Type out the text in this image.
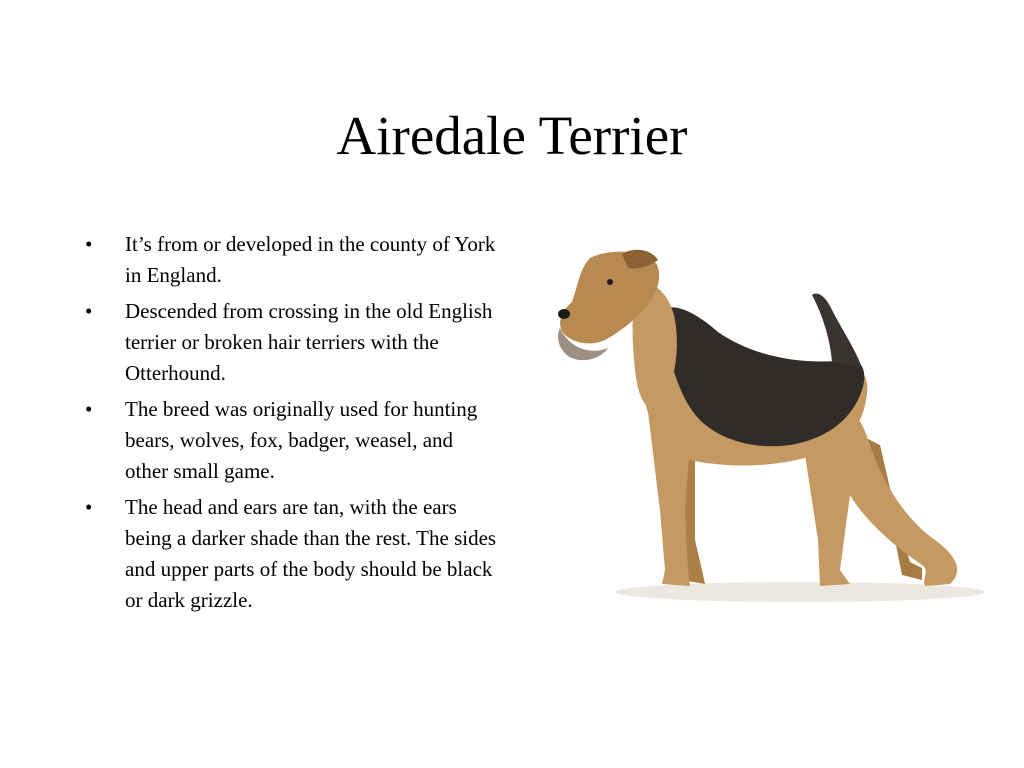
Airedale Terrier
• It’s from or developed in the county of York in England.
• Descended from crossing in the old English terrier or broken hair terriers with the Otterhound.
• The breed was originally used for hunting bears, wolves, fox, badger, weasel, and other small game.
• The head and ears are tan, with the ears being a darker shade than the rest. The sides and upper parts of the body should be black or dark grizzle.
